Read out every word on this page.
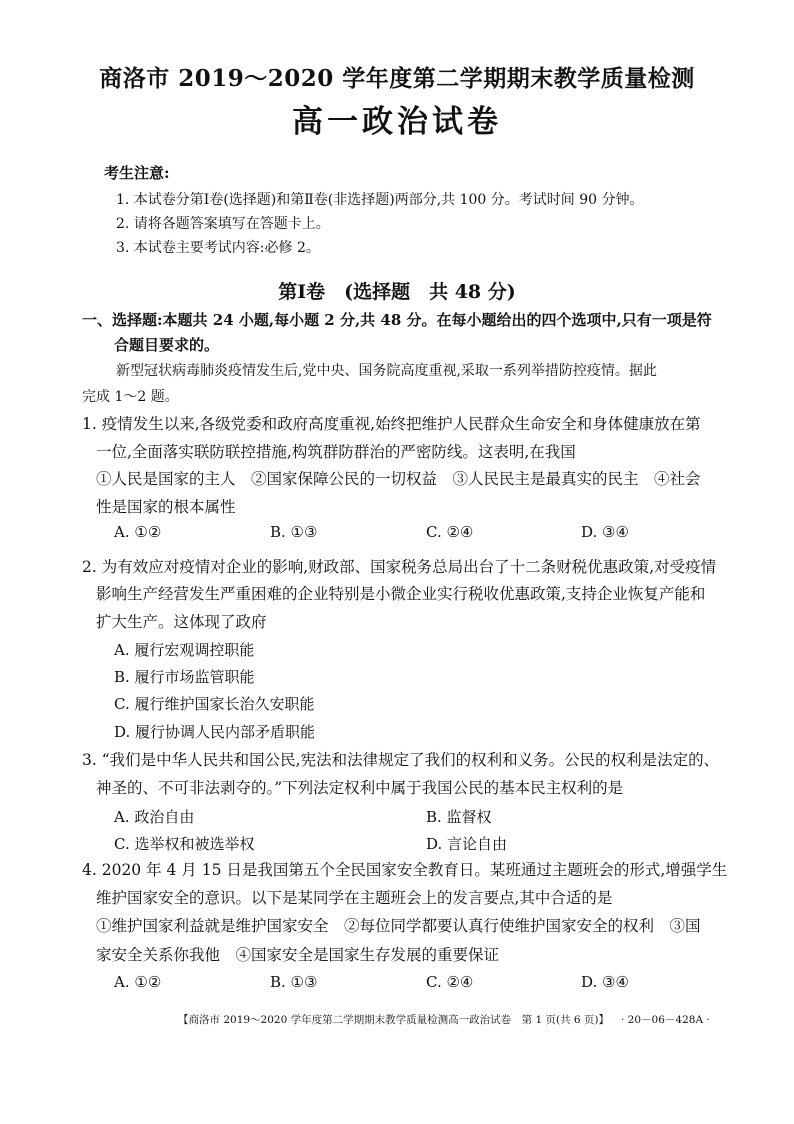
商洛市 2019～2020 学年度第二学期期末教学质量检测
高一政治试卷
考生注意:
1. 本试卷分第Ⅰ卷(选择题)和第Ⅱ卷(非选择题)两部分,共 100 分。考试时间 90 分钟。
2. 请将各题答案填写在答题卡上。
3. 本试卷主要考试内容:必修 2。
第Ⅰ卷　(选择题　共 48 分)
一、选择题:本题共 24 小题,每小题 2 分,共 48 分。在每小题给出的四个选项中,只有一项是符
合题目要求的。
新型冠状病毒肺炎疫情发生后,党中央、国务院高度重视,采取一系列举措防控疫情。据此
完成 1～2 题。
1. 疫情发生以来,各级党委和政府高度重视,始终把维护人民群众生命安全和身体健康放在第
一位,全面落实联防联控措施,构筑群防群治的严密防线。这表明,在我国
①人民是国家的主人　②国家保障公民的一切权益　③人民民主是最真实的民主　④社会
性是国家的根本属性
A. ①②	B. ①③	C. ②④	D. ③④
2. 为有效应对疫情对企业的影响,财政部、国家税务总局出台了十二条财税优惠政策,对受疫情
影响生产经营发生严重困难的企业特别是小微企业实行税收优惠政策,支持企业恢复产能和
扩大生产。这体现了政府
A. 履行宏观调控职能
B. 履行市场监管职能
C. 履行维护国家长治久安职能
D. 履行协调人民内部矛盾职能
3. “我们是中华人民共和国公民,宪法和法律规定了我们的权利和义务。公民的权利是法定的、
神圣的、不可非法剥夺的。”下列法定权利中属于我国公民的基本民主权利的是
A. 政治自由	B. 监督权
C. 选举权和被选举权	D. 言论自由
4. 2020 年 4 月 15 日是我国第五个全民国家安全教育日。某班通过主题班会的形式,增强学生
维护国家安全的意识。以下是某同学在主题班会上的发言要点,其中合适的是
①维护国家利益就是维护国家安全　②每位同学都要认真行使维护国家安全的权利　③国
家安全关系你我他　④国家安全是国家生存发展的重要保证
A. ①②	B. ①③	C. ②④	D. ③④
【商洛市 2019～2020 学年度第二学期期末教学质量检测高一政治试卷　第 1 页(共 6 页)】 · 20－06－428A ·
